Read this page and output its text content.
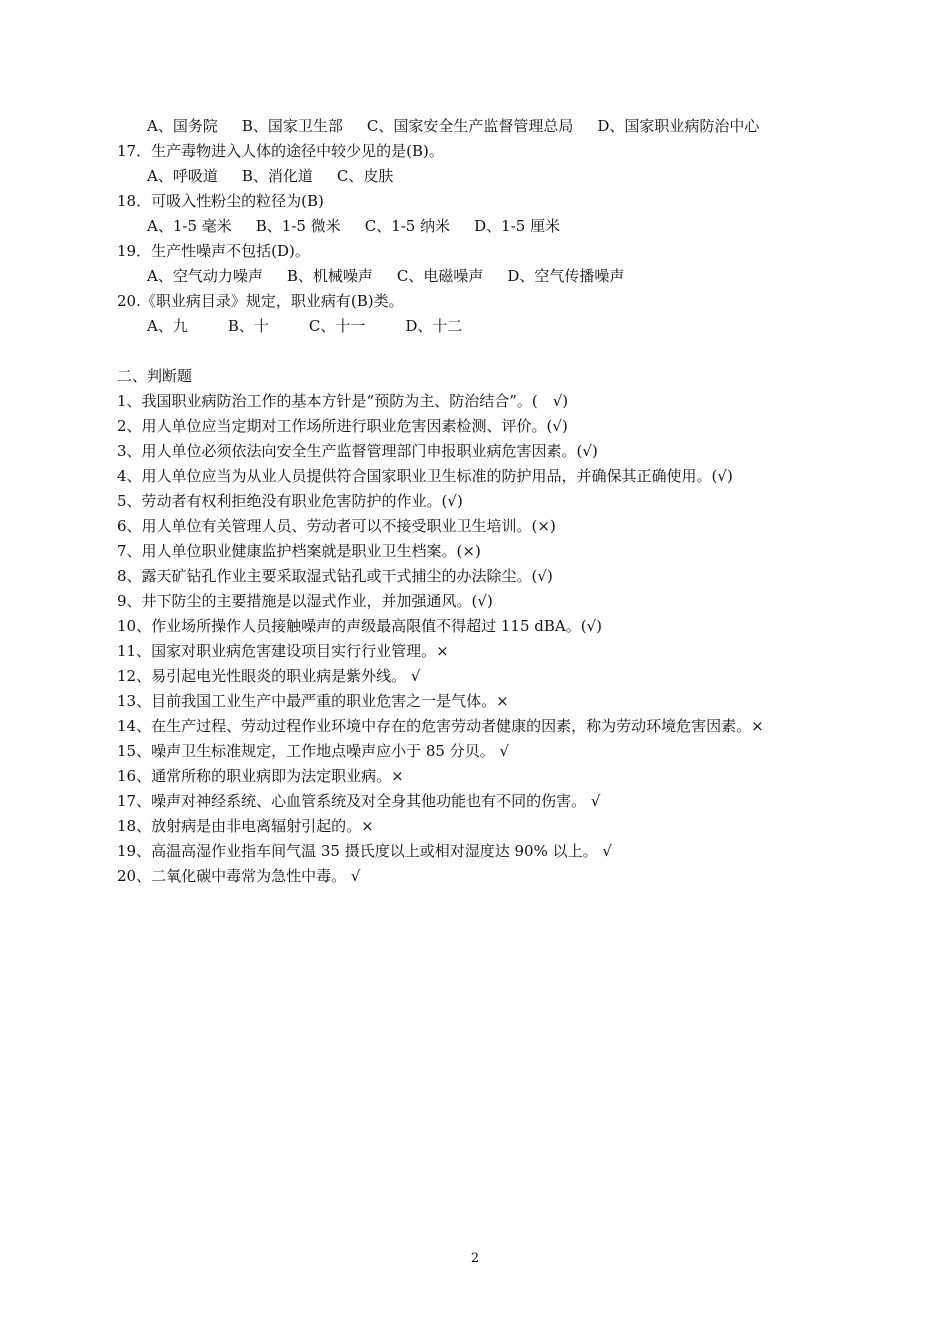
A、国务院 B、国家卫生部 C、国家安全生产监督管理总局 D、国家职业病防治中心
17．生产毒物进入人体的途径中较少见的是(B)。
A、呼吸道 B、消化道 C、皮肤
18．可吸入性粉尘的粒径为(B)
A、1-5 毫米 B、1-5 微米 C、1-5 纳米 D、1-5 厘米
19．生产性噪声不包括(D)。
A、空气动力噪声 B、机械噪声 C、电磁噪声 D、空气传播噪声
20.《职业病目录》规定，职业病有(B)类。
A、九	B、十	C、十一	D、十二
二、判断题
1、我国职业病防治工作的基本方针是“预防为主、防治结合”。(　√)
2、用人单位应当定期对工作场所进行职业危害因素检测、评价。(√)
3、用人单位必须依法向安全生产监督管理部门申报职业病危害因素。(√)
4、用人单位应当为从业人员提供符合国家职业卫生标准的防护用品，并确保其正确使用。(√)
5、劳动者有权利拒绝没有职业危害防护的作业。(√)
6、用人单位有关管理人员、劳动者可以不接受职业卫生培训。(×)
7、用人单位职业健康监护档案就是职业卫生档案。(×)
8、露天矿钻孔作业主要采取湿式钻孔或干式捕尘的办法除尘。(√)
9、井下防尘的主要措施是以湿式作业，并加强通风。(√)
10、作业场所操作人员接触噪声的声级最高限值不得超过 115 dBA。(√)
11、国家对职业病危害建设项目实行行业管理。×
12、易引起电光性眼炎的职业病是紫外线。 √
13、目前我国工业生产中最严重的职业危害之一是气体。×
14、在生产过程、劳动过程作业环境中存在的危害劳动者健康的因素，称为劳动环境危害因素。×
15、噪声卫生标准规定，工作地点噪声应小于 85 分贝。 √
16、通常所称的职业病即为法定职业病。×
17、噪声对神经系统、心血管系统及对全身其他功能也有不同的伤害。 √
18、放射病是由非电离辐射引起的。×
19、高温高湿作业指车间气温 35 摄氏度以上或相对湿度达 90% 以上。 √
20、二氧化碳中毒常为急性中毒。 √
2
